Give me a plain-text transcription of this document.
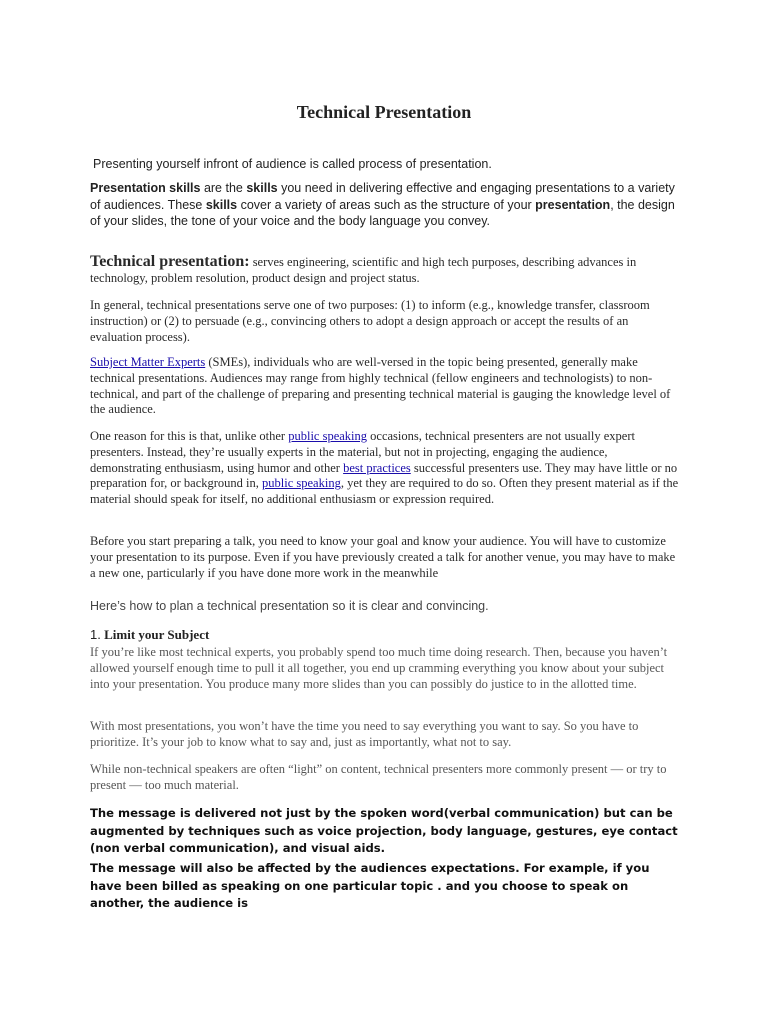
Technical Presentation

Presenting yourself infront of audience is called process of presentation.

Presentation skills are the skills you need in delivering effective and engaging presentations to a variety of audiences. These skills cover a variety of areas such as the structure of your presentation, the design of your slides, the tone of your voice and the body language you convey.

Technical presentation: serves engineering, scientific and high tech purposes, describing advances in technology, problem resolution, product design and project status.

In general, technical presentations serve one of two purposes: (1) to inform (e.g., knowledge transfer, classroom instruction) or (2) to persuade (e.g., convincing others to adopt a design approach or accept the results of an evaluation process).

Subject Matter Experts (SMEs), individuals who are well-versed in the topic being presented, generally make technical presentations. Audiences may range from highly technical (fellow engineers and technologists) to non-technical, and part of the challenge of preparing and presenting technical material is gauging the knowledge level of the audience.

One reason for this is that, unlike other public speaking occasions, technical presenters are not usually expert presenters. Instead, they’re usually experts in the material, but not in projecting, engaging the audience, demonstrating enthusiasm, using humor and other best practices successful presenters use. They may have little or no preparation for, or background in, public speaking, yet they are required to do so. Often they present material as if the material should speak for itself, no additional enthusiasm or expression required.

Before you start preparing a talk, you need to know your goal and know your audience. You will have to customize your presentation to its purpose. Even if you have previously created a talk for another venue, you may have to make a new one, particularly if you have done more work in the meanwhile

Here’s how to plan a technical presentation so it is clear and convincing.

1. Limit your Subject

If you’re like most technical experts, you probably spend too much time doing research. Then, because you haven’t allowed yourself enough time to pull it all together, you end up cramming everything you know about your subject into your presentation. You produce many more slides than you can possibly do justice to in the allotted time.

With most presentations, you won’t have the time you need to say everything you want to say. So you have to prioritize. It’s your job to know what to say and, just as importantly, what not to say.

While non-technical speakers are often “light” on content, technical presenters more commonly present — or try to present — too much material.

The message is delivered not just by the spoken word(verbal communication) but can be augmented by techniques such as voice projection, body language, gestures, eye contact (non verbal communication), and visual aids.

The message will also be affected by the audiences expectations. For example, if you have been billed as speaking on one particular topic . and you choose to speak on another, the audience is
